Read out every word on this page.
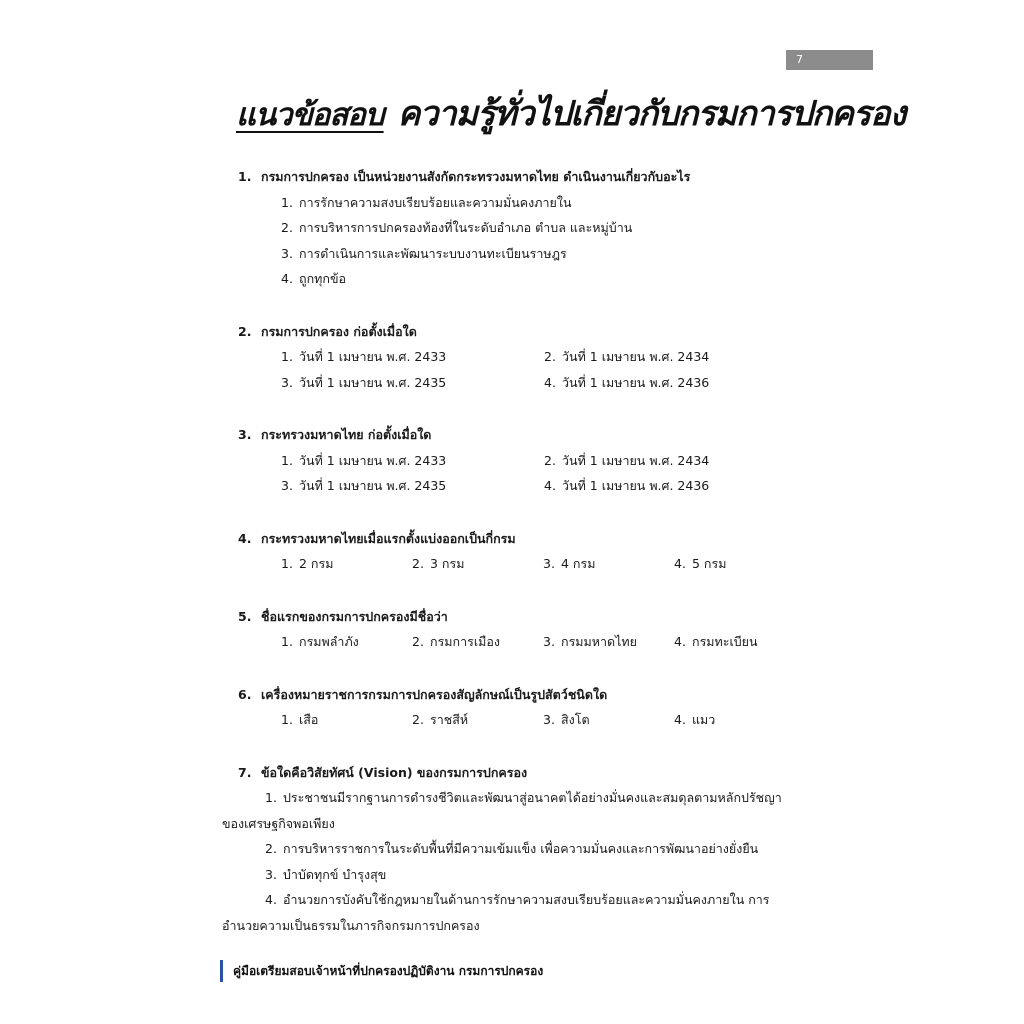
7
แนวข้อสอบ ความรู้ทั่วไปเกี่ยวกับกรมการปกครอง
1. กรมการปกครอง เป็นหน่วยงานสังกัดกระทรวงมหาดไทย ดำเนินงานเกี่ยวกับอะไร
1. การรักษาความสงบเรียบร้อยและความมั่นคงภายใน
2. การบริหารการปกครองท้องที่ในระดับอำเภอ ตำบล และหมู่บ้าน
3. การดำเนินการและพัฒนาระบบงานทะเบียนราษฎร
4. ถูกทุกข้อ
2. กรมการปกครอง ก่อตั้งเมื่อใด
1. วันที่ 1 เมษายน พ.ศ. 2433	2. วันที่ 1 เมษายน พ.ศ. 2434
3. วันที่ 1 เมษายน พ.ศ. 2435	4. วันที่ 1 เมษายน พ.ศ. 2436
3. กระทรวงมหาดไทย ก่อตั้งเมื่อใด
1. วันที่ 1 เมษายน พ.ศ. 2433	2. วันที่ 1 เมษายน พ.ศ. 2434
3. วันที่ 1 เมษายน พ.ศ. 2435	4. วันที่ 1 เมษายน พ.ศ. 2436
4. กระทรวงมหาดไทยเมื่อแรกตั้งแบ่งออกเป็นกี่กรม
1. 2 กรม	2. 3 กรม	3. 4 กรม	4. 5 กรม
5. ชื่อแรกของกรมการปกครองมีชื่อว่า
1. กรมพลำภัง	2. กรมการเมือง	3. กรมมหาดไทย	4. กรมทะเบียน
6. เครื่องหมายราชการกรมการปกครองสัญลักษณ์เป็นรูปสัตว์ชนิดใด
1. เสือ	2. ราชสีห์	3. สิงโต	4. แมว
7. ข้อใดคือวิสัยทัศน์ (Vision) ของกรมการปกครอง
1. ประชาชนมีรากฐานการดำรงชีวิตและพัฒนาสู่อนาคตได้อย่างมั่นคงและสมดุลตามหลักปรัชญาของเศรษฐกิจพอเพียง
2. การบริหารราชการในระดับพื้นที่มีความเข้มแข็ง เพื่อความมั่นคงและการพัฒนาอย่างยั่งยืน
3. บำบัดทุกข์ บำรุงสุข
4. อำนวยการบังคับใช้กฎหมายในด้านการรักษาความสงบเรียบร้อยและความมั่นคงภายใน การอำนวยความเป็นธรรมในภารกิจกรมการปกครอง
คู่มือเตรียมสอบเจ้าหน้าที่ปกครองปฏิบัติงาน กรมการปกครอง
